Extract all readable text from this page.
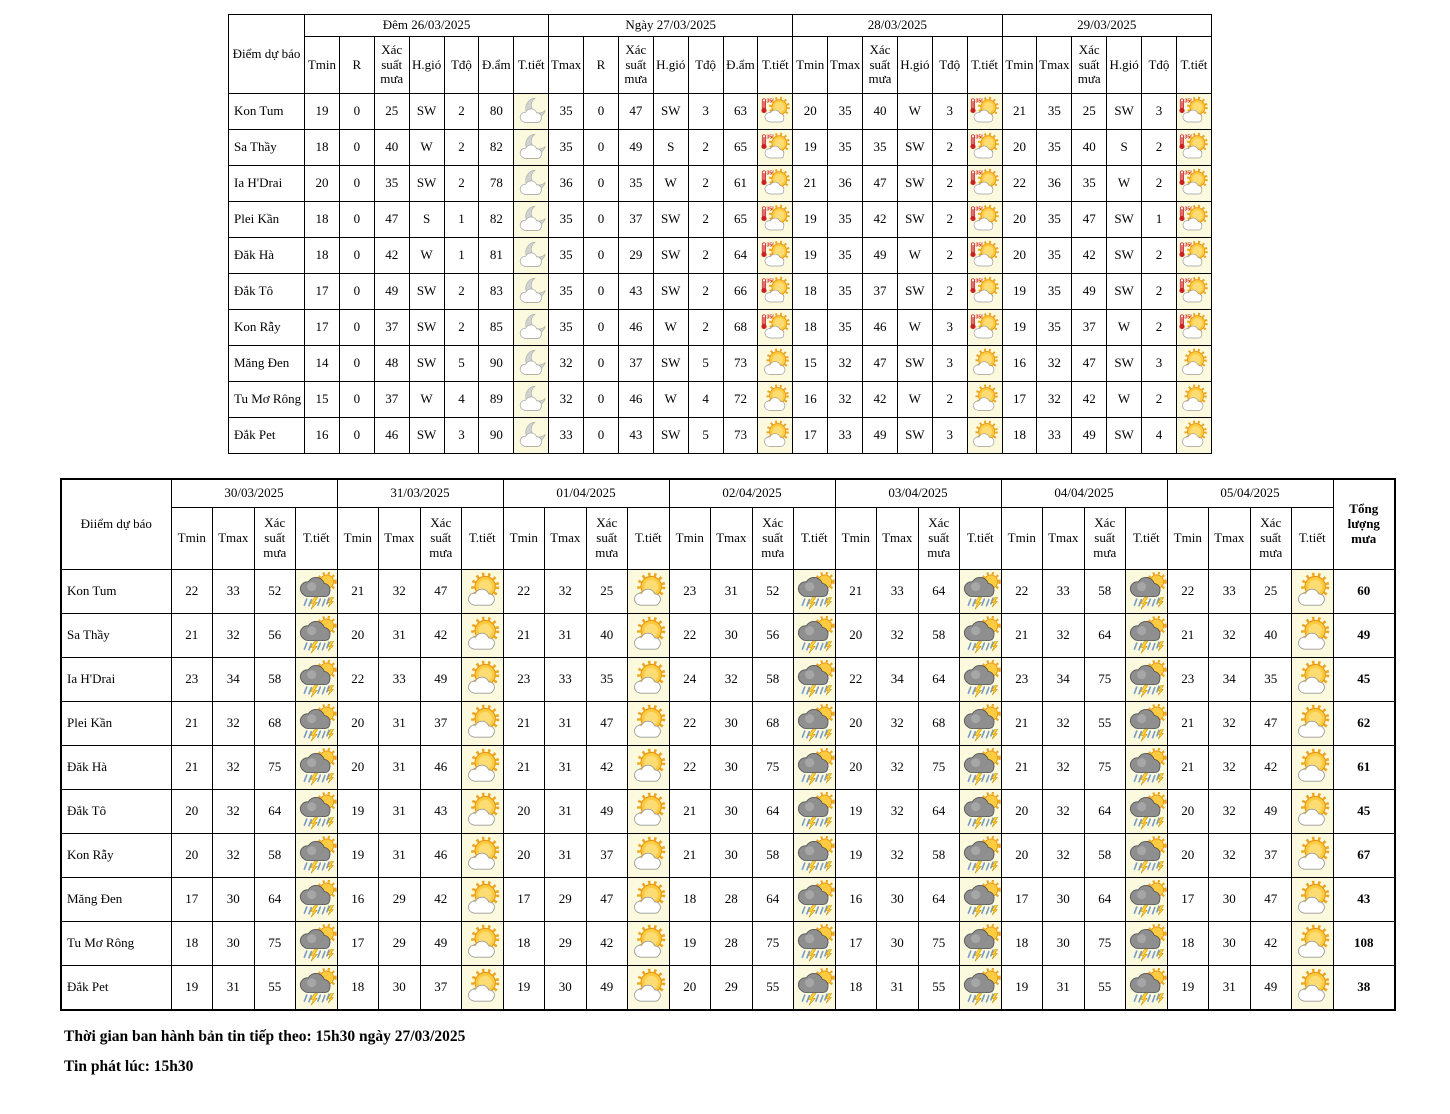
Điểm dự báo	Đêm 26/03/2025							Ngày 27/03/2025							28/03/2025						29/03/2025					
	Tmin	R	Xác suất mưa	H.gió	Tđộ	Đ.ẩm	T.tiết	Tmax	R	Xác suất mưa	H.gió	Tđộ	Đ.ẩm	T.tiết	Tmin	Tmax	Xác suất mưa	H.gió	Tđộ	T.tiết	Tmin	Tmax	Xác suất mưa	H.gió	Tđộ	T.tiết
Kon Tum	19	0	25	SW	2	80		35	0	47	SW	3	63	35°	20	35	40	W	3	35°	21	35	25	SW	3	35°

Sa Thầy	18	0	40	W	2	82		35	0	49	S	2	65	35°	19	35	35	SW	2	35°	20	35	40	S	2	35°

Ia H'Drai	20	0	35	SW	2	78		36	0	35	W	2	61	35°	21	36	47	SW	2	35°	22	36	35	W	2	35°

Plei Kần	18	0	47	S	1	82		35	0	37	SW	2	65	35°	19	35	42	SW	2	35°	20	35	47	SW	1	35°

Đăk Hà	18	0	42	W	1	81		35	0	29	SW	2	64	35°	19	35	49	W	2	35°	20	35	42	SW	2	35°

Đắk Tô	17	0	49	SW	2	83		35	0	43	SW	2	66	35°	18	35	37	SW	2	35°	19	35	49	SW	2	35°

Kon Rẫy	17	0	37	SW	2	85		35	0	46	W	2	68	35°	18	35	46	W	3	35°	19	35	37	W	2	35°

Măng Đen	14	0	48	SW	5	90		32	0	37	SW	5	73		15	32	47	SW	3		16	32	47	SW	3	

Tu Mơ Rông	15	0	37	W	4	89		32	0	46	W	4	72		16	32	42	W	2		17	32	42	W	2	

Đắk Pet	16	0	46	SW	3	90		33	0	43	SW	5	73		17	33	49	SW	3		18	33	49	SW	4	
Điiểm dự báo	30/03/2025				31/03/2025				01/04/2025				02/04/2025				03/04/2025				04/04/2025				05/04/2025				Tổng lượng mưa
	Tmin	Tmax	Xác suất mưa	T.tiết	Tmin	Tmax	Xác suất mưa	T.tiết	Tmin	Tmax	Xác suất mưa	T.tiết	Tmin	Tmax	Xác suất mưa	T.tiết	Tmin	Tmax	Xác suất mưa	T.tiết	Tmin	Tmax	Xác suất mưa	T.tiết	Tmin	Tmax	Xác suất mưa	T.tiết	
Kon Tum	22	33	52		21	32	47		22	32	25		23	31	52		21	33	64		22	33	58		22	33	25		60
Sa Thầy	21	32	56		20	31	42		21	31	40		22	30	56		20	32	58		21	32	64		21	32	40		49
Ia H'Drai	23	34	58		22	33	49		23	33	35		24	32	58		22	34	64		23	34	75		23	34	35		45
Plei Kần	21	32	68		20	31	37		21	31	47		22	30	68		20	32	68		21	32	55		21	32	47		62
Đăk Hà	21	32	75		20	31	46		21	31	42		22	30	75		20	32	75		21	32	75		21	32	42		61
Đắk Tô	20	32	64		19	31	43		20	31	49		21	30	64		19	32	64		20	32	64		20	32	49		45
Kon Rẫy	20	32	58		19	31	46		20	31	37		21	30	58		19	32	58		20	32	58		20	32	37		67
Măng Đen	17	30	64		16	29	42		17	29	47		18	28	64		16	30	64		17	30	64		17	30	47		43
Tu Mơ Rông	18	30	75		17	29	49		18	29	42		19	28	75		17	30	75		18	30	75		18	30	42		108
Đắk Pet	19	31	55		18	30	37		19	30	49		20	29	55		18	31	55		19	31	55		19	31	49		38
Thời gian ban hành bản tin tiếp theo: 15h30 ngày 27/03/2025
Tin phát lúc: 15h30
